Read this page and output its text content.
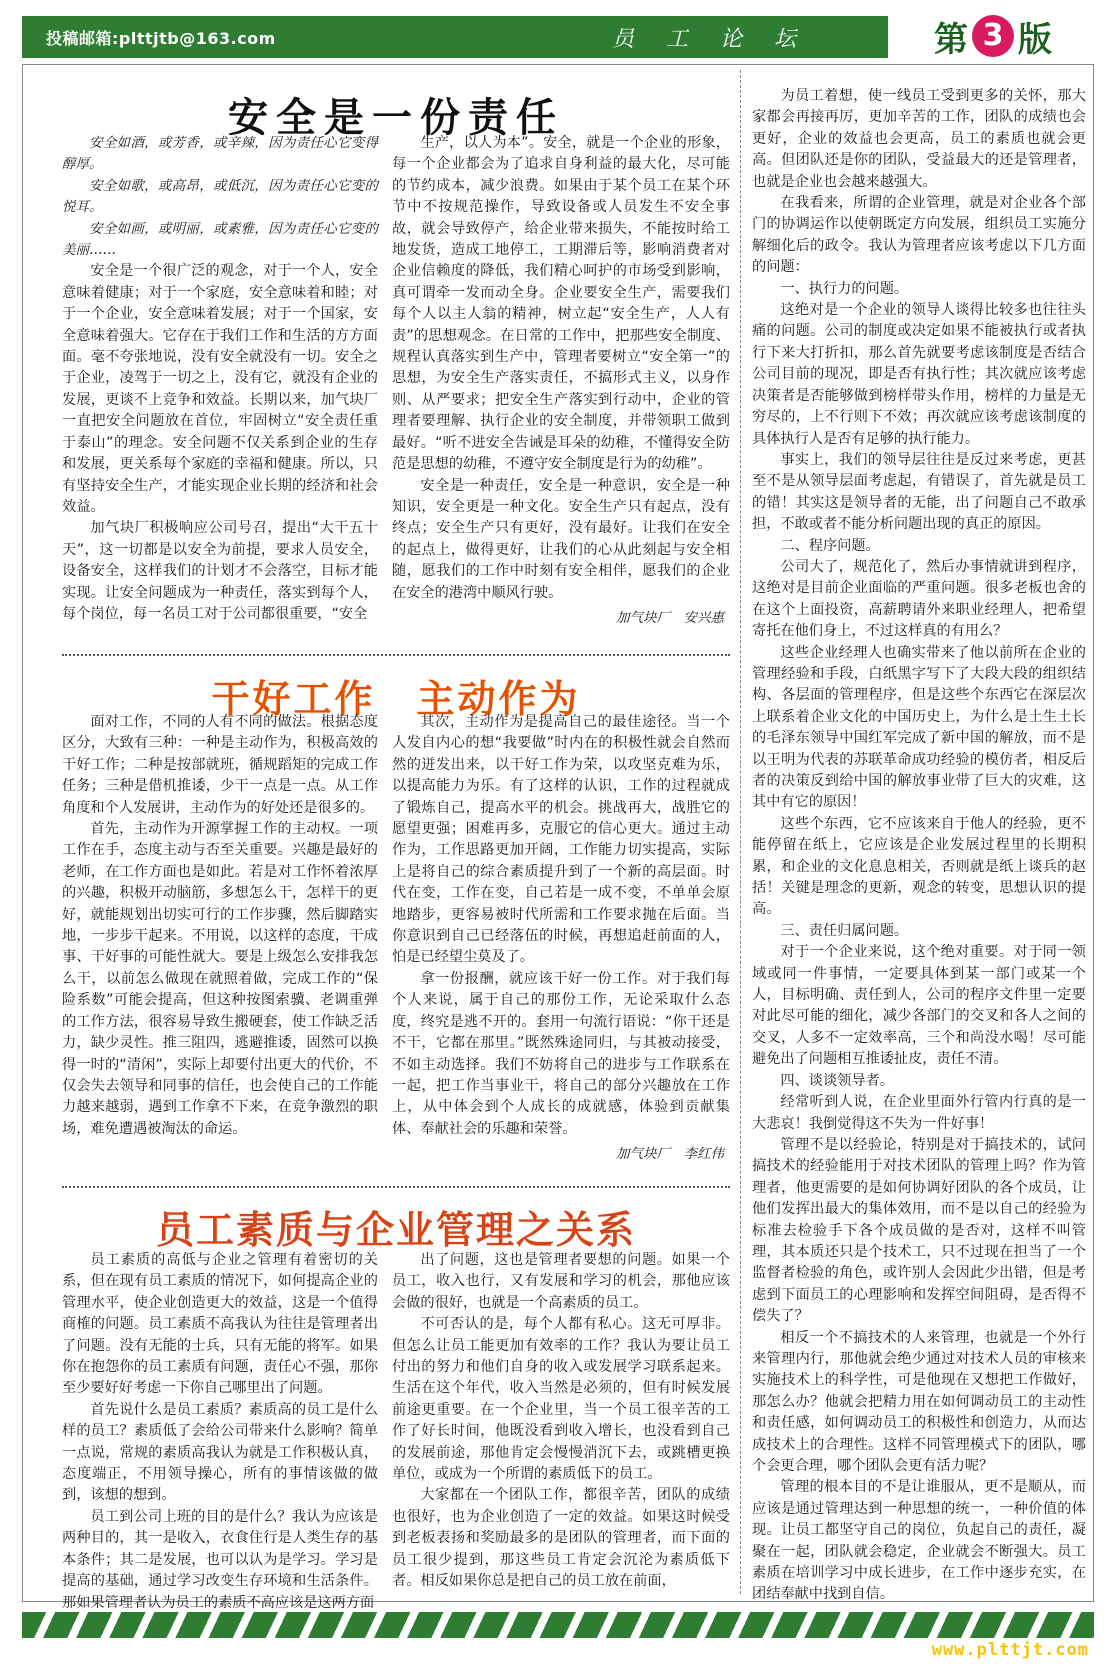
投稿邮箱:plttjtb@163.com	员工论坛	第 3 版
安全是一份责任

安全如酒，或芳香，或辛辣，因为责任心它变得醇厚。

安全如歌，或高昂，或低沉，因为责任心它变的悦耳。

安全如画，或明丽，或素雅，因为责任心它变的美丽……

安全是一个很广泛的观念，对于一个人，安全意味着健康；对于一个家庭，安全意味着和睦；对于一个企业，安全意味着发展；对于一个国家，安全意味着强大。它存在于我们工作和生活的方方面面。毫不夸张地说，没有安全就没有一切。安全之于企业，凌驾于一切之上，没有它，就没有企业的发展，更谈不上竞争和效益。长期以来，加气块厂一直把安全问题放在首位，牢固树立“安全责任重于泰山”的理念。安全问题不仅关系到企业的生存和发展，更关系每个家庭的幸福和健康。所以，只有坚持安全生产，才能实现企业长期的经济和社会效益。

加气块厂积极响应公司号召，提出“大干五十天”，这一切都是以安全为前提，要求人员安全，设备安全，这样我们的计划才不会落空，目标才能实现。让安全问题成为一种责任，落实到每个人，每个岗位，每一名员工对于公司都很重要，“安全

生产，以人为本”。安全，就是一个企业的形象，每一个企业都会为了追求自身利益的最大化，尽可能的节约成本，减少浪费。如果由于某个员工在某个环节中不按规范操作，导致设备或人员发生不安全事故，就会导致停产，给企业带来损失，不能按时给工地发货，造成工地停工，工期滞后等，影响消费者对企业信赖度的降低，我们精心呵护的市场受到影响，真可谓牵一发而动全身。企业要安全生产，需要我们每个人以主人翁的精神，树立起“安全生产，人人有责”的思想观念。在日常的工作中，把那些安全制度、规程认真落实到生产中，管理者要树立“安全第一”的思想，为安全生产落实责任，不搞形式主义，以身作则、从严要求；把安全生产落实到行动中，企业的管理者要理解、执行企业的安全制度，并带领职工做到最好。“听不进安全告诫是耳朵的幼稚，不懂得安全防范是思想的幼稚，不遵守安全制度是行为的幼稚”。

安全是一种责任，安全是一种意识，安全是一种知识，安全更是一种文化。安全生产只有起点，没有终点；安全生产只有更好，没有最好。让我们在安全的起点上，做得更好，让我们的心从此刻起与安全相随，愿我们的工作中时刻有安全相伴，愿我们的企业在安全的港湾中顺风行驶。

加气块厂　安兴惠
干好工作　主动作为

面对工作，不同的人有不同的做法。根据态度区分，大致有三种：一种是主动作为，积极高效的干好工作；二种是按部就班，循规蹈矩的完成工作任务；三种是借机推诿，少干一点是一点。从工作角度和个人发展讲，主动作为的好处还是很多的。

首先，主动作为开源掌握工作的主动权。一项工作在手，态度主动与否至关重要。兴趣是最好的老师，在工作方面也是如此。若是对工作怀着浓厚的兴趣，积极开动脑筋，多想怎么干，怎样干的更好，就能规划出切实可行的工作步骤，然后脚踏实地，一步步干起来。不用说，以这样的态度，干成事、干好事的可能性就大。要是上级怎么安排我怎么干，以前怎么做现在就照着做，完成工作的“保险系数”可能会提高，但这种按图索骥、老调重弹的工作方法，很容易导致生搬硬套，使工作缺乏活力，缺少灵性。推三阻四，逃避推诿，固然可以换得一时的“清闲”，实际上却要付出更大的代价，不仅会失去领导和同事的信任，也会使自己的工作能力越来越弱，遇到工作拿不下来，在竞争激烈的职场，难免遭遇被淘汰的命运。

其次，主动作为是提高自己的最佳途径。当一个人发自内心的想“我要做”时内在的积极性就会自然而然的迸发出来，以干好工作为荣，以攻坚克难为乐，以提高能力为乐。有了这样的认识，工作的过程就成了锻炼自己，提高水平的机会。挑战再大，战胜它的愿望更强；困难再多，克服它的信心更大。通过主动作为，工作思路更加开阔，工作能力切实提高，实际上是将自己的综合素质提升到了一个新的高层面。时代在变，工作在变，自己若是一成不变，不单单会原地踏步，更容易被时代所需和工作要求抛在后面。当你意识到自己已经落伍的时候，再想追赶前面的人，怕是已经望尘莫及了。

拿一份报酬，就应该干好一份工作。对于我们每个人来说，属于自己的那份工作，无论采取什么态度，终究是逃不开的。套用一句流行语说：“你干还是不干，它都在那里。”既然殊途同归，与其被动接受，不如主动选择。我们不妨将自己的进步与工作联系在一起，把工作当事业干，将自己的部分兴趣放在工作上，从中体会到个人成长的成就感，体验到贡献集体、奉献社会的乐趣和荣誉。

加气块厂　李红伟
员工素质与企业管理之关系

员工素质的高低与企业之管理有着密切的关系，但在现有员工素质的情况下，如何提高企业的管理水平，使企业创造更大的效益，这是一个值得商榷的问题。员工素质不高我认为往往是管理者出了问题。没有无能的士兵，只有无能的将军。如果你在抱怨你的员工素质有问题，责任心不强，那你至少要好好考虑一下你自己哪里出了问题。

首先说什么是员工素质？素质高的员工是什么样的员工？素质低了会给公司带来什么影响？简单一点说，常规的素质高我认为就是工作积极认真，态度端正，不用领导操心，所有的事情该做的做到，该想的想到。

员工到公司上班的目的是什么？我认为应该是两种目的，其一是收入，衣食住行是人类生存的基本条件；其二是发展，也可以认为是学习。学习是提高的基础，通过学习改变生存环境和生活条件。那如果管理者认为员工的素质不高应该是这两方面

出了问题，这也是管理者要想的问题。如果一个员工，收入也行，又有发展和学习的机会，那他应该会做的很好，也就是一个高素质的员工。

不可否认的是，每个人都有私心。这无可厚非。但怎么让员工能更加有效率的工作？我认为要让员工付出的努力和他们自身的收入或发展学习联系起来。生活在这个年代，收入当然是必须的，但有时候发展前途更重要。在一个企业里，当一个员工很辛苦的工作了好长时间，他既没看到收入增长，也没看到自己的发展前途，那他肯定会慢慢消沉下去，或跳槽更换单位，或成为一个所谓的素质低下的员工。

大家都在一个团队工作，都很辛苦，团队的成绩也很好，也为企业创造了一定的效益。如果这时候受到老板表扬和奖励最多的是团队的管理者，而下面的员工很少提到，那这些员工肯定会沉沦为素质低下者。相反如果你总是把自己的员工放在前面，

为员工着想，使一线员工受到更多的关怀，那大家都会再接再厉，更加辛苦的工作，团队的成绩也会更好，企业的效益也会更高，员工的素质也就会更高。但团队还是你的团队，受益最大的还是管理者，也就是企业也会越来越强大。

在我看来，所谓的企业管理，就是对企业各个部门的协调运作以使朝既定方向发展，组织员工实施分解细化后的政令。我认为管理者应该考虑以下几方面的问题：

一、执行力的问题。

这绝对是一个企业的领导人谈得比较多也往往头痛的问题。公司的制度或决定如果不能被执行或者执行下来大打折扣，那么首先就要考虑该制度是否结合公司目前的现况，即是否有执行性；其次就应该考虑决策者是否能够做到榜样带头作用，榜样的力量是无穷尽的，上不行则下不效；再次就应该考虑该制度的具体执行人是否有足够的执行能力。

事实上，我们的领导层往往是反过来考虑，更甚至不是从领导层面考虑起，有错误了，首先就是员工的错！其实这是领导者的无能，出了问题自己不敢承担，不敢或者不能分析问题出现的真正的原因。

二、程序问题。

公司大了，规范化了，然后办事情就讲到程序，这绝对是目前企业面临的严重问题。很多老板也舍的在这个上面投资，高薪聘请外来职业经理人，把希望寄托在他们身上，不过这样真的有用么？

这些企业经理人也确实带来了他以前所在企业的管理经验和手段，白纸黑字写下了大段大段的组织结构、各层面的管理程序，但是这些个东西它在深层次上联系着企业文化的中国历史上，为什么是土生土长的毛泽东领导中国红军完成了新中国的解放，而不是以王明为代表的苏联革命成功经验的模仿者，相反后者的决策反到给中国的解放事业带了巨大的灾难，这其中有它的原因！

这些个东西，它不应该来自于他人的经验，更不能停留在纸上，它应该是企业发展过程里的长期积累，和企业的文化息息相关，否则就是纸上谈兵的赵括！关键是理念的更新，观念的转变，思想认识的提高。

三、责任归属问题。

对于一个企业来说，这个绝对重要。对于同一领域或同一件事情，一定要具体到某一部门或某一个人，目标明确、责任到人，公司的程序文件里一定要对此尽可能的细化，减少各部门的交叉和各人之间的交叉，人多不一定效率高，三个和尚没水喝！尽可能避免出了问题相互推诿扯皮，责任不清。

四、谈谈领导者。

经常听到人说，在企业里面外行管内行真的是一大悲哀！我倒觉得这不失为一件好事！

管理不是以经验论，特别是对于搞技术的，试问搞技术的经验能用于对技术团队的管理上吗？作为管理者，他更需要的是如何协调好团队的各个成员，让他们发挥出最大的集体效用，而不是以自己的经验为标准去检验手下各个成员做的是否对，这样不叫管理，其本质还只是个技术工，只不过现在担当了一个监督者检验的角色，或许别人会因此少出错，但是考虑到下面员工的心理影响和发挥空间阻碍，是否得不偿失了？

相反一个不搞技术的人来管理，也就是一个外行来管理内行，那他就会绝少通过对技术人员的审核来实施技术上的科学性，可是他现在又想把工作做好，那怎么办？他就会把精力用在如何调动员工的主动性和责任感，如何调动员工的积极性和创造力，从而达成技术上的合理性。这样不同管理模式下的团队，哪个会更合理，哪个团队会更有活力呢？

管理的根本目的不是让谁服从，更不是顺从，而应该是通过管理达到一种思想的统一，一种价值的体现。让员工都坚守自己的岗位，负起自己的责任，凝聚在一起，团队就会稳定，企业就会不断强大。员工素质在培训学习中成长进步，在工作中逐步充实，在团结奉献中找到自信。

www.plttjt.com
